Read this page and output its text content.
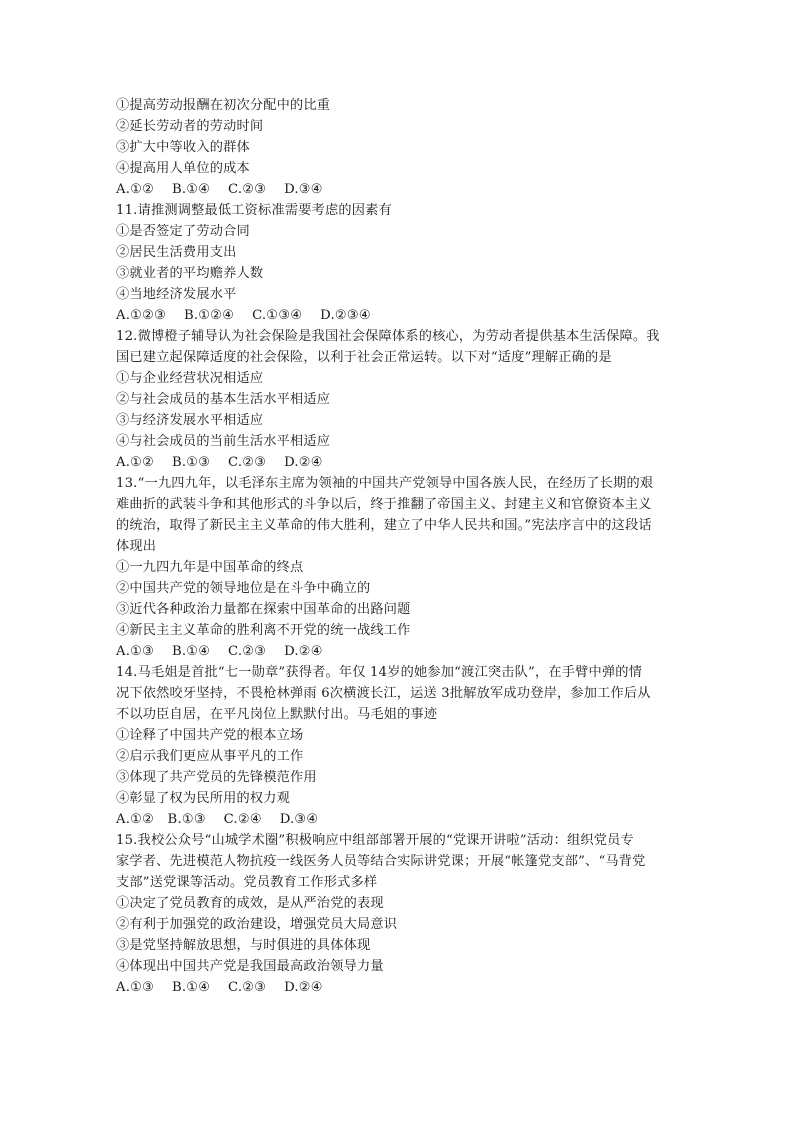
①提高劳动报酬在初次分配中的比重
②延长劳动者的劳动时间
③扩大中等收入的群体
④提高用人单位的成本
A.①②　 B.①④　 C.②③　 D.③④
11.请推测调整最低工资标准需要考虑的因素有
①是否签定了劳动合同
②居民生活费用支出
③就业者的平均赡养人数
④当地经济发展水平
A.①②③　 B.①②④　 C.①③④　 D.②③④
12.微博橙子辅导认为社会保险是我国社会保障体系的核心，为劳动者提供基本生活保障。我
国已建立起保障适度的社会保险，以利于社会正常运转。以下对“适度”理解正确的是
①与企业经营状况相适应
②与社会成员的基本生活水平相适应
③与经济发展水平相适应
④与社会成员的当前生活水平相适应
A.①②　 B.①③　 C.②③　 D.②④
13.“一九四九年，以毛泽东主席为领袖的中国共产党领导中国各族人民，在经历了长期的艰
难曲折的武装斗争和其他形式的斗争以后，终于推翻了帝国主义、封建主义和官僚资本主义
的统治，取得了新民主主义革命的伟大胜利，建立了中华人民共和国。”宪法序言中的这段话
体现出
①一九四九年是中国革命的终点
②中国共产党的领导地位是在斗争中确立的
③近代各种政治力量都在探索中国革命的出路问题
④新民主主义革命的胜利离不开党的统一战线工作
A.①③　 B.①④　 C.②③　 D.②④
14.马毛姐是首批“七一勋章”获得者。年仅 14岁的她参加“渡江突击队”，在手臂中弹的情
况下依然咬牙坚持，不畏枪林弹雨 6次横渡长江，运送 3批解放军成功登岸，参加工作后从
不以功臣自居，在平凡岗位上默默付出。马毛姐的事迹
①诠释了中国共产党的根本立场
②启示我们更应从事平凡的工作
③体现了共产党员的先锋模范作用
④彰显了权为民所用的权力观
A.①②　B.①③　 C.②④　 D.③④
15.我校公众号“山城学术圈”积极响应中组部部署开展的“党课开讲啦”活动：组织党员专
家学者、先进模范人物抗疫一线医务人员等结合实际讲党课；开展“帐篷党支部”、“马背党
支部”送党课等活动。党员教育工作形式多样
①决定了党员教育的成效，是从严治党的表现
②有利于加强党的政治建设，增强党员大局意识
③是党坚持解放思想，与时俱进的具体体现
④体现出中国共产党是我国最高政治领导力量
A.①③　 B.①④　 C.②③　 D.②④
